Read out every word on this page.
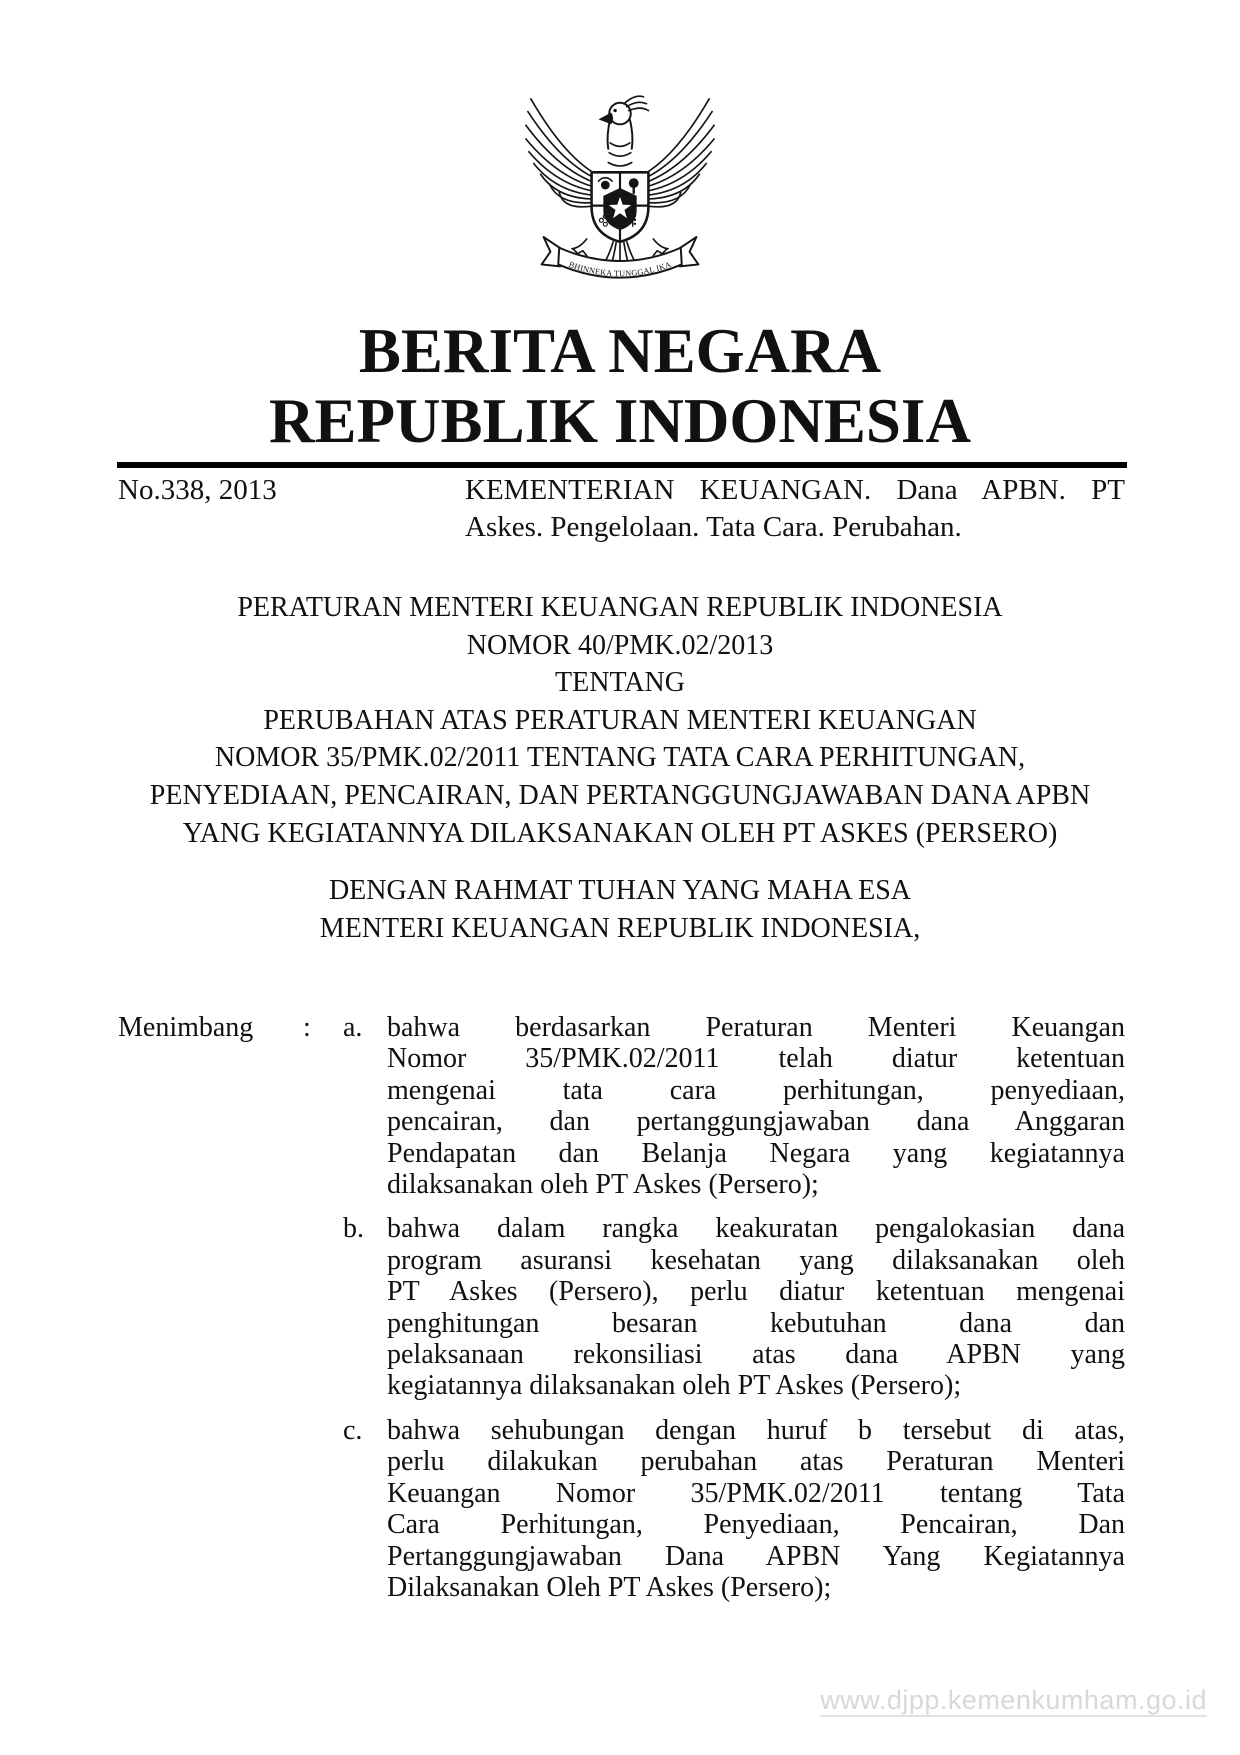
BHINNEKA TUNGGAL IKA
BERITA NEGARA
REPUBLIK INDONESIA
No.338, 2013	KEMENTERIAN KEUANGAN. Dana APBN. PT
Askes. Pengelolaan. Tata Cara. Perubahan.
PERATURAN MENTERI KEUANGAN REPUBLIK INDONESIA
NOMOR 40/PMK.02/2013
TENTANG
PERUBAHAN ATAS PERATURAN MENTERI KEUANGAN
NOMOR 35/PMK.02/2011 TENTANG TATA CARA PERHITUNGAN,
PENYEDIAAN, PENCAIRAN, DAN PERTANGGUNGJAWABAN DANA APBN
YANG KEGIATANNYA DILAKSANAKAN OLEH PT ASKES (PERSERO)
DENGAN RAHMAT TUHAN YANG MAHA ESA
MENTERI KEUANGAN REPUBLIK INDONESIA,
Menimbang	:	a. bahwa berdasarkan Peraturan Menteri Keuangan
Nomor 35/PMK.02/2011 telah diatur ketentuan
mengenai tata cara perhitungan, penyediaan,
pencairan, dan pertanggungjawaban dana Anggaran
Pendapatan dan Belanja Negara yang kegiatannya
dilaksanakan oleh PT Askes (Persero);
b. bahwa dalam rangka keakuratan pengalokasian dana
program asuransi kesehatan yang dilaksanakan oleh
PT Askes (Persero), perlu diatur ketentuan mengenai
penghitungan besaran kebutuhan dana dan
pelaksanaan rekonsiliasi atas dana APBN yang
kegiatannya dilaksanakan oleh PT Askes (Persero);
c. bahwa sehubungan dengan huruf b tersebut di atas,
perlu dilakukan perubahan atas Peraturan Menteri
Keuangan Nomor 35/PMK.02/2011 tentang Tata
Cara Perhitungan, Penyediaan, Pencairan, Dan
Pertanggungjawaban Dana APBN Yang Kegiatannya
Dilaksanakan Oleh PT Askes (Persero);
www.djpp.kemenkumham.go.id
